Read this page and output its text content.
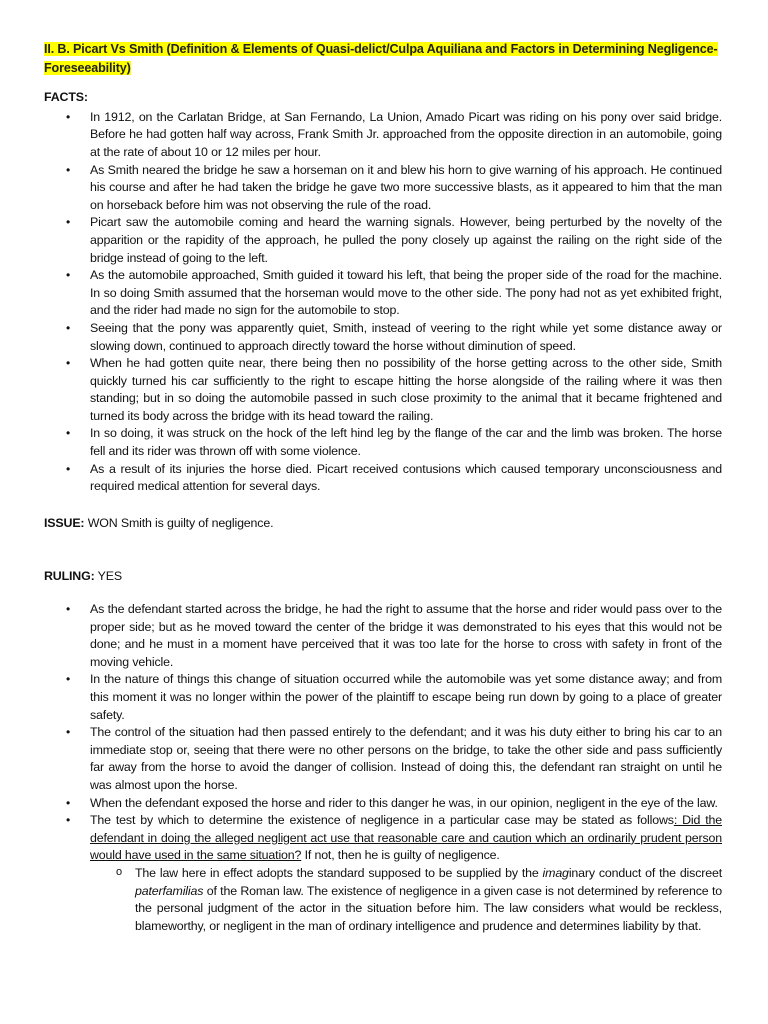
II. B. Picart Vs Smith (Definition & Elements of Quasi-delict/Culpa Aquiliana and Factors in Determining Negligence-Foreseeability)
FACTS:
• In 1912, on the Carlatan Bridge, at San Fernando, La Union, Amado Picart was riding on his pony over said bridge. Before he had gotten half way across, Frank Smith Jr. approached from the opposite direction in an automobile, going at the rate of about 10 or 12 miles per hour.
• As Smith neared the bridge he saw a horseman on it and blew his horn to give warning of his approach. He continued his course and after he had taken the bridge he gave two more successive blasts, as it appeared to him that the man on horseback before him was not observing the rule of the road.
• Picart saw the automobile coming and heard the warning signals. However, being perturbed by the novelty of the apparition or the rapidity of the approach, he pulled the pony closely up against the railing on the right side of the bridge instead of going to the left.
• As the automobile approached, Smith guided it toward his left, that being the proper side of the road for the machine. In so doing Smith assumed that the horseman would move to the other side. The pony had not as yet exhibited fright, and the rider had made no sign for the automobile to stop.
• Seeing that the pony was apparently quiet, Smith, instead of veering to the right while yet some distance away or slowing down, continued to approach directly toward the horse without diminution of speed.
• When he had gotten quite near, there being then no possibility of the horse getting across to the other side, Smith quickly turned his car sufficiently to the right to escape hitting the horse alongside of the railing where it was then standing; but in so doing the automobile passed in such close proximity to the animal that it became frightened and turned its body across the bridge with its head toward the railing.
• In so doing, it was struck on the hock of the left hind leg by the flange of the car and the limb was broken. The horse fell and its rider was thrown off with some violence.
• As a result of its injuries the horse died. Picart received contusions which caused temporary unconsciousness and required medical attention for several days.
ISSUE: WON Smith is guilty of negligence.
RULING: YES
• As the defendant started across the bridge, he had the right to assume that the horse and rider would pass over to the proper side; but as he moved toward the center of the bridge it was demonstrated to his eyes that this would not be done; and he must in a moment have perceived that it was too late for the horse to cross with safety in front of the moving vehicle.
• In the nature of things this change of situation occurred while the automobile was yet some distance away; and from this moment it was no longer within the power of the plaintiff to escape being run down by going to a place of greater safety.
• The control of the situation had then passed entirely to the defendant; and it was his duty either to bring his car to an immediate stop or, seeing that there were no other persons on the bridge, to take the other side and pass sufficiently far away from the horse to avoid the danger of collision. Instead of doing this, the defendant ran straight on until he was almost upon the horse.
• When the defendant exposed the horse and rider to this danger he was, in our opinion, negligent in the eye of the law.
• The test by which to determine the existence of negligence in a particular case may be stated as follows: Did the defendant in doing the alleged negligent act use that reasonable care and caution which an ordinarily prudent person would have used in the same situation? If not, then he is guilty of negligence.
o The law here in effect adopts the standard supposed to be supplied by the imaginary conduct of the discreet paterfamilias of the Roman law. The existence of negligence in a given case is not determined by reference to the personal judgment of the actor in the situation before him. The law considers what would be reckless, blameworthy, or negligent in the man of ordinary intelligence and prudence and determines liability by that.
